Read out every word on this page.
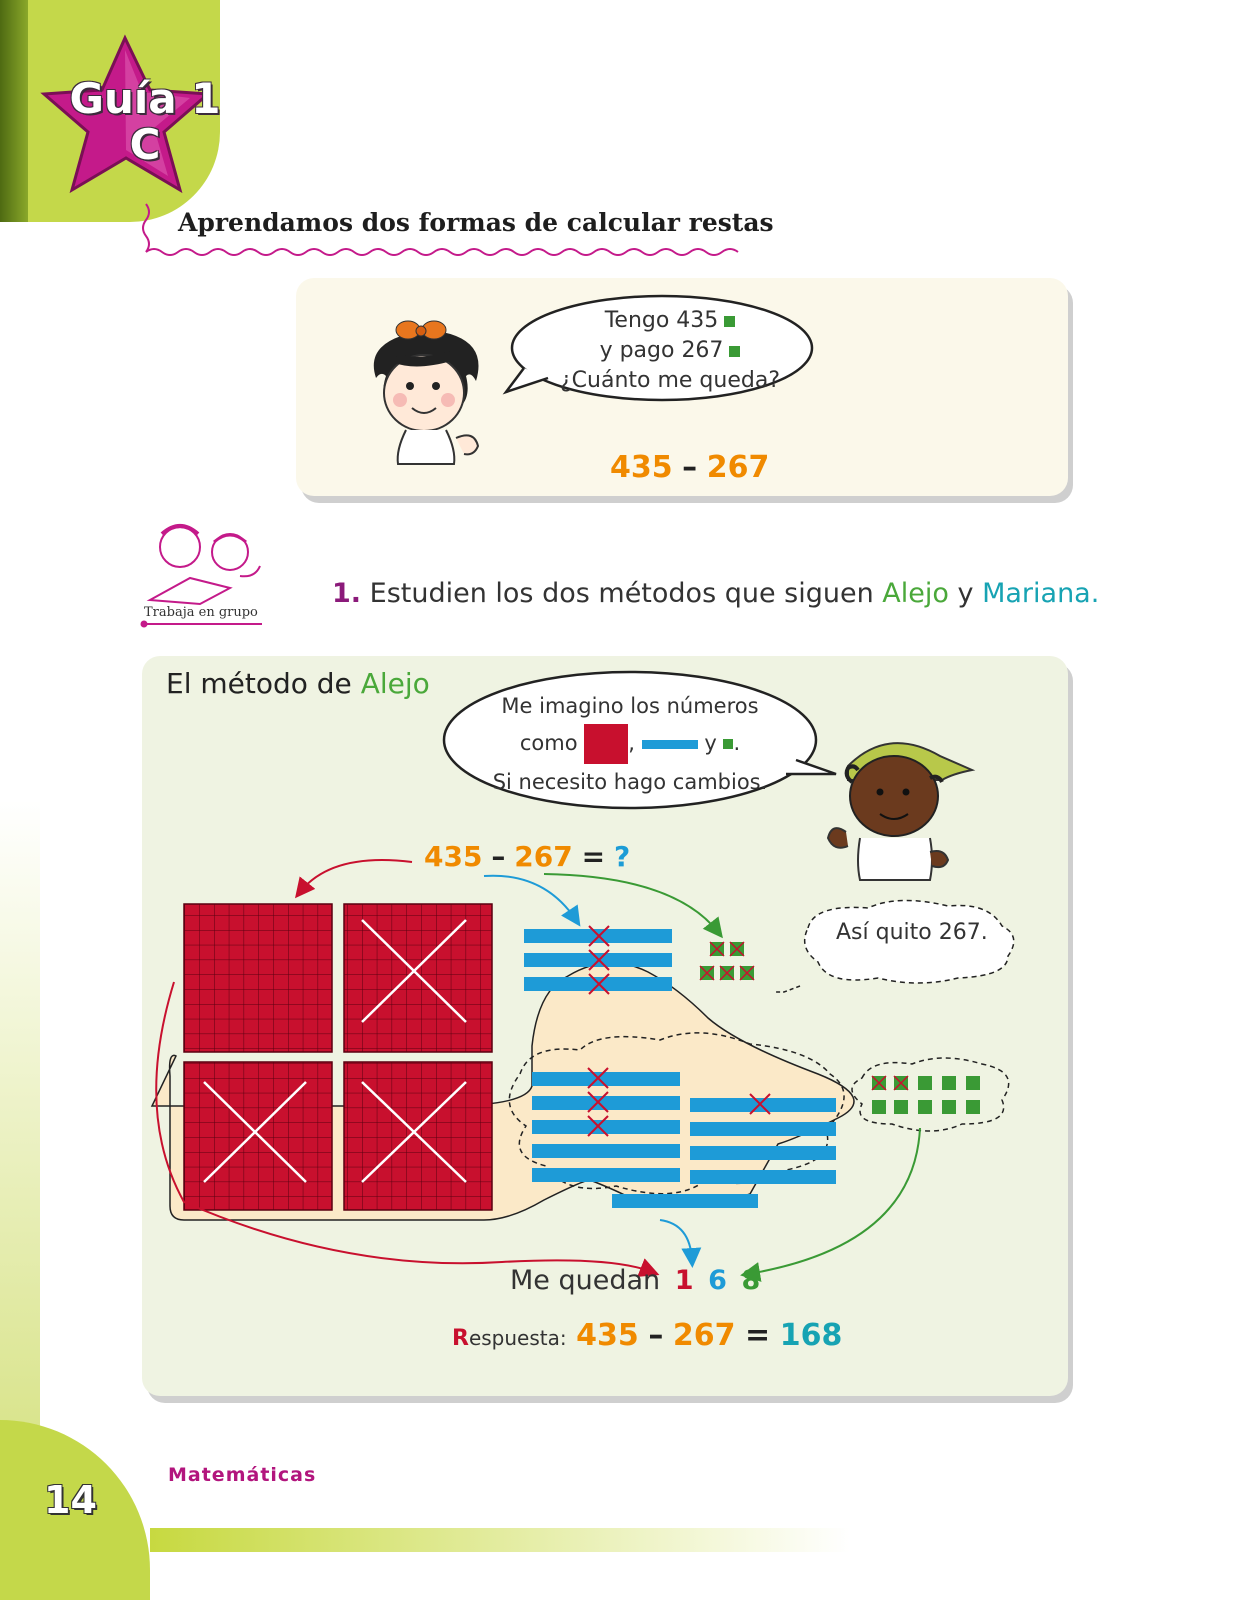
Guía 1
C
Aprendamos dos formas de calcular restas
Tengo 435
y pago 267
¿Cuánto me queda?
435 – 267
Trabaja en grupo
1. Estudien los dos métodos que siguen Alejo y Mariana.
El método de Alejo
Me imagino los números
como ,	y .
Si necesito hago cambios.
435 – 267 = ?
Así quito 267.
Me quedan 1 6 8
Respuesta: 435 – 267 = 168
14
Matemáticas
